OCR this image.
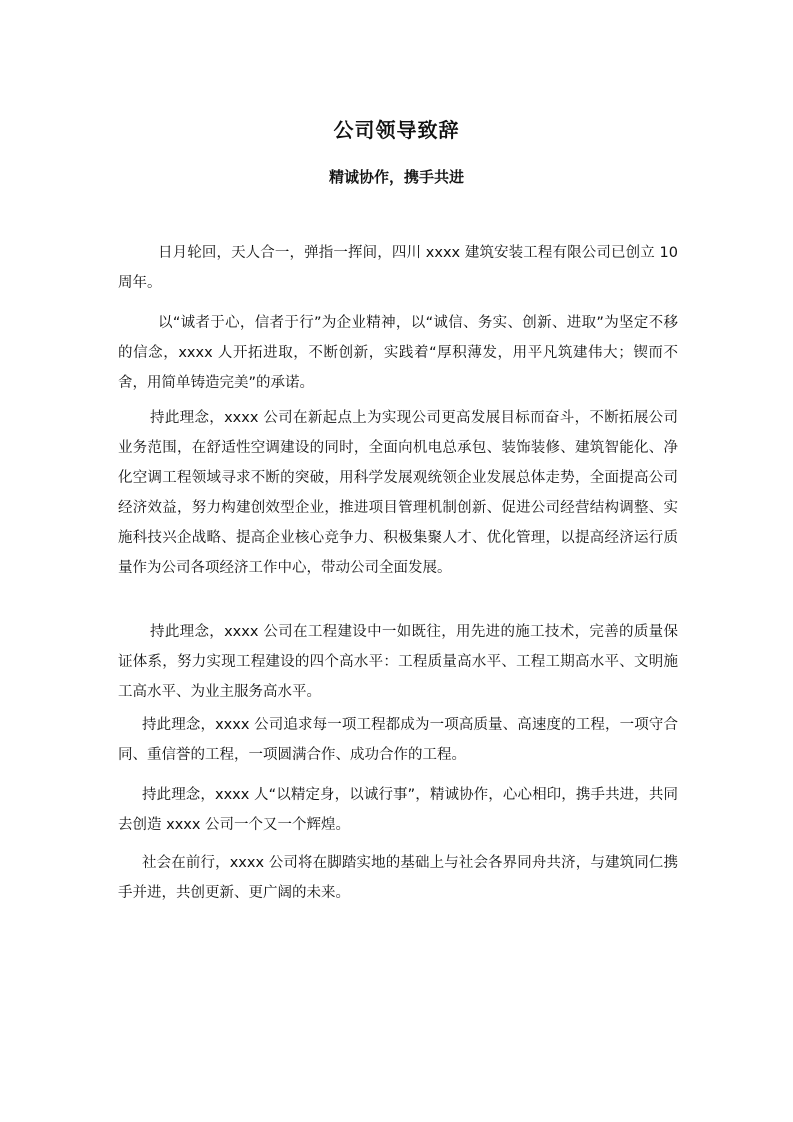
公司领导致辞
精诚协作，携手共进

日月轮回，天人合一，弹指一挥间，四川 xxxx 建筑安装工程有限公司已创立 10 周年。

以“诚者于心，信者于行”为企业精神，以“诚信、务实、创新、进取”为坚定不移的信念，xxxx 人开拓进取，不断创新，实践着“厚积薄发，用平凡筑建伟大；锲而不舍，用简单铸造完美”的承诺。

持此理念，xxxx 公司在新起点上为实现公司更高发展目标而奋斗，不断拓展公司业务范围，在舒适性空调建设的同时，全面向机电总承包、装饰装修、建筑智能化、净化空调工程领域寻求不断的突破，用科学发展观统领企业发展总体走势，全面提高公司经济效益，努力构建创效型企业，推进项目管理机制创新、促进公司经营结构调整、实施科技兴企战略、提高企业核心竞争力、积极集聚人才、优化管理，以提高经济运行质量作为公司各项经济工作中心，带动公司全面发展。

持此理念，xxxx 公司在工程建设中一如既往，用先进的施工技术，完善的质量保证体系，努力实现工程建设的四个高水平：工程质量高水平、工程工期高水平、文明施工高水平、为业主服务高水平。

持此理念，xxxx 公司追求每一项工程都成为一项高质量、高速度的工程，一项守合同、重信誉的工程，一项圆满合作、成功合作的工程。

持此理念，xxxx 人“以精定身，以诚行事”，精诚协作，心心相印，携手共进，共同去创造 xxxx 公司一个又一个辉煌。

社会在前行，xxxx 公司将在脚踏实地的基础上与社会各界同舟共济，与建筑同仁携手并进，共创更新、更广阔的未来。
